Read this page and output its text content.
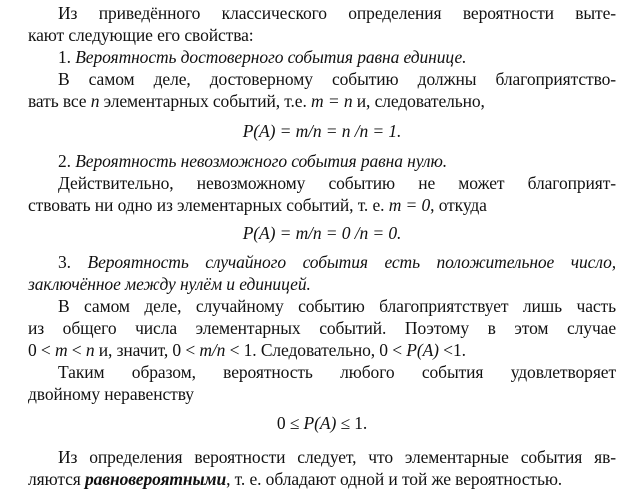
Из приведённого классического определения вероятности выте-
кают следующие его свойства:
1. Вероятность достоверного события равна единице.
В самом деле, достоверному событию должны благоприятство-
вать все n элементарных событий, т.е. m = n и, следовательно,
P(A) = m/n = n /n = 1.
2. Вероятность невозможного события равна нулю.
Действительно, невозможному событию не может благоприят-
ствовать ни одно из элементарных событий, т. е. m = 0, откуда
P(A) = m/n = 0 /n = 0.
3. Вероятность случайного события есть положительное число,
заключённое между нулём и единицей.
В самом деле, случайному событию благоприятствует лишь часть
из общего числа элементарных событий. Поэтому в этом случае
0 < m < n и, значит, 0 < m/n < 1. Следовательно, 0 < P(A) <1.
Таким образом, вероятность любого события удовлетворяет
двойному неравенству
0 ≤ P(A) ≤ 1.
Из определения вероятности следует, что элементарные события яв-
ляются равновероятными, т. е. обладают одной и той же вероятностью.
